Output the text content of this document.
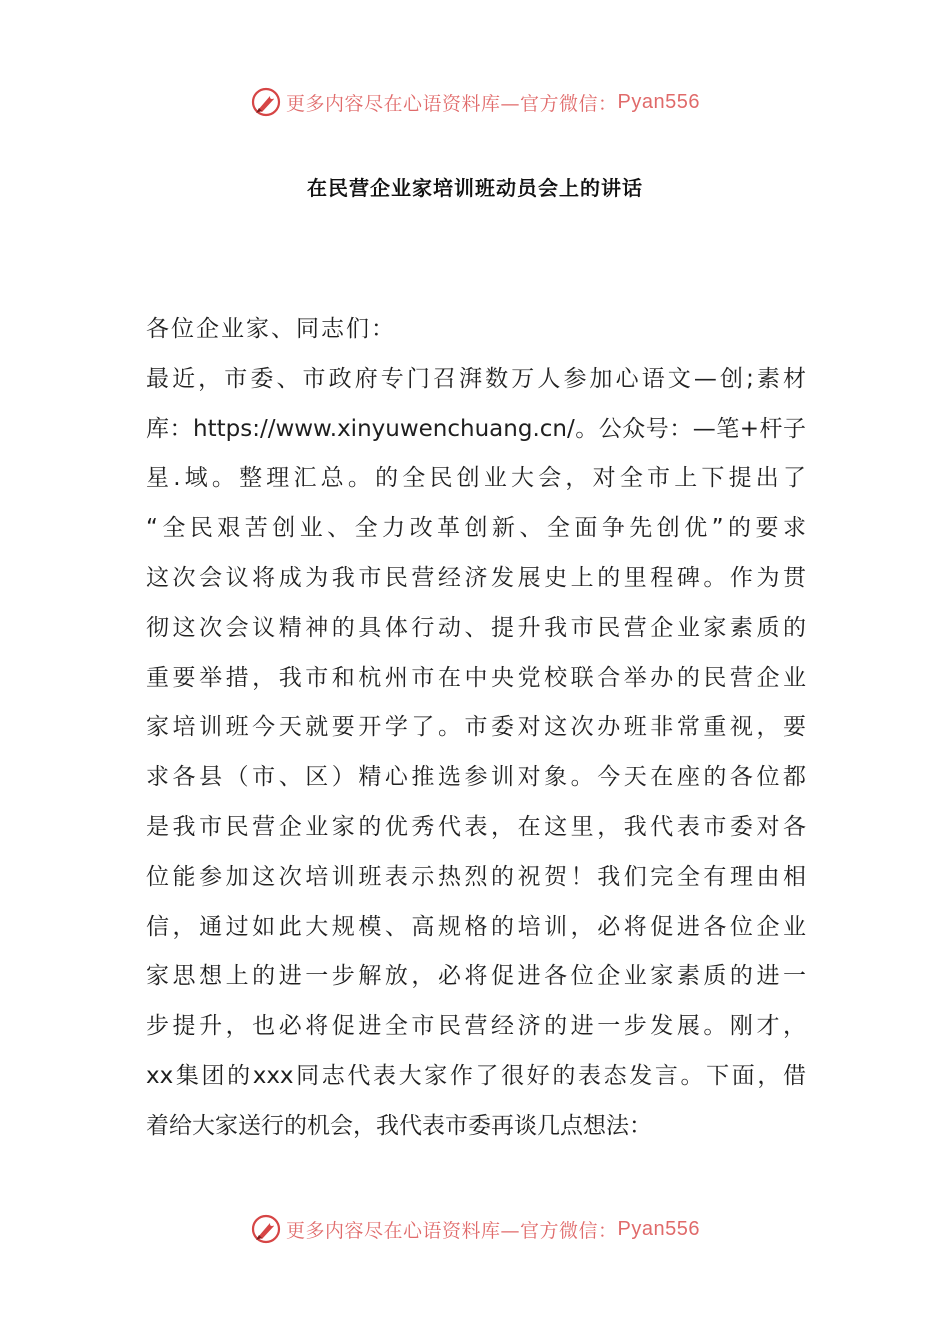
更多内容尽在心语资料库—官方微信： Pyan556
在民营企业家培训班动员会上的讲话
各位企业家、同志们：
最近，市委、市政府专门召湃数万人参加心语文—创;素材
库：https://www.xinyuwenchuang.cn/。公众号：—笔+杆子
星.域。整理汇总。的全民创业大会，对全市上下提出了
“全民艰苦创业、全力改革创新、全面争先创优”的要求
这次会议将成为我市民营经济发展史上的里程碑。作为贯
彻这次会议精神的具体行动、提升我市民营企业家素质的
重要举措，我市和杭州市在中央党校联合举办的民营企业
家培训班今天就要开学了。市委对这次办班非常重视，要
求各县（市、区）精心推选参训对象。今天在座的各位都
是我市民营企业家的优秀代表，在这里，我代表市委对各
位能参加这次培训班表示热烈的祝贺！我们完全有理由相
信，通过如此大规模、高规格的培训，必将促进各位企业
家思想上的进一步解放，必将促进各位企业家素质的进一
步提升，也必将促进全市民营经济的进一步发展。刚才，
xx集团的xxx同志代表大家作了很好的表态发言。下面，借
着给大家送行的机会，我代表市委再谈几点想法：
更多内容尽在心语资料库—官方微信： Pyan556
